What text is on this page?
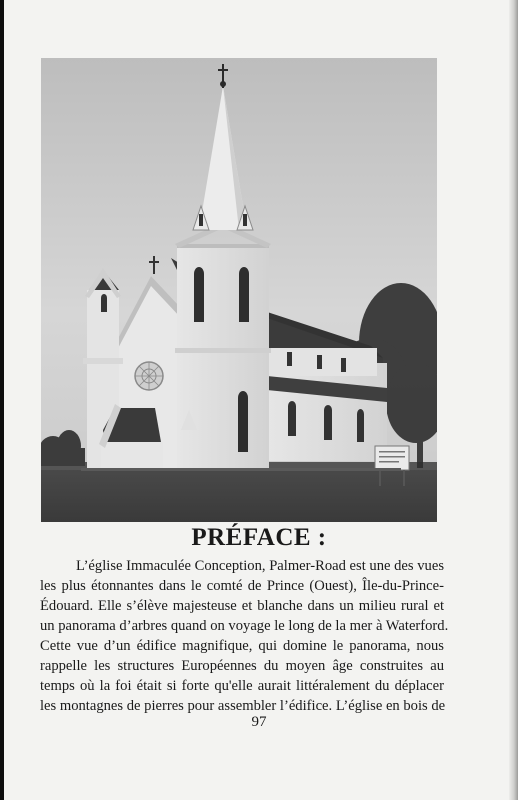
PRÉFACE :
L’église Immaculée Conception, Palmer-Road est une des vues
les plus étonnantes dans le comté de Prince (Ouest), Île-du-Prince-
Édouard. Elle s’élève majesteuse et blanche dans un milieu rural et
un panorama d’arbres quand on voyage le long de la mer à Waterford.
Cette vue d’un édifice magnifique, qui domine le panorama, nous
rappelle les structures Européennes du moyen âge construites au
temps où la foi était si forte qu'elle aurait littéralement du déplacer
les montagnes de pierres pour assembler l’édifice. L’église en bois de
97
